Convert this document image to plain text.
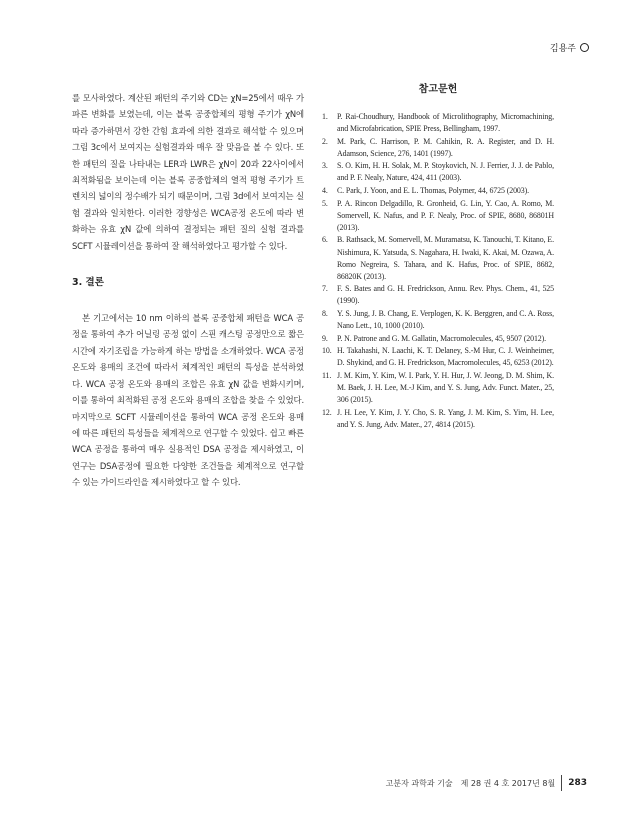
김용주

를 모사하였다. 계산된 패턴의 주기와 CD는 χN=25에서 때우 가파른 변화를 보였는데, 이는 블록 공중합체의 평형 주기가 χN에 따라 증가하면서 강한 간힘 효과에 의한 결과로 해석할 수 있으며 그림 3c에서 보여지는 실험결과와 매우 잘 맞음을 볼 수 있다. 또한 패턴의 질을 나타내는 LER과 LWR은 χN이 20과 22사이에서 최적화됨을 보이는데 이는 블록 공중합체의 열적 평형 주기가 트렌치의 넓이의 정수배가 되기 때문이며, 그림 3d에서 보여지는 실험 결과와 일치한다. 이러한 경향성은 WCA공정 온도에 따라 변화하는 유효 χN 값에 의하여 결정되는 패턴 질의 실험 결과를 SCFT 시뮬레이션을 통하여 잘 해석하였다고 평가할 수 있다.

3. 결론

본 기고에서는 10 nm 이하의 블록 공중합체 패턴을 WCA 공정을 통하여 추가 어닐링 공정 없이 스핀 캐스팅 공정만으로 짧은 시간에 자기조립을 가능하게 하는 방법을 소개하였다. WCA 공정 온도와 용매의 조건에 따라서 체계적인 패턴의 특성을 분석하였다. WCA 공정 온도와 용매의 조합은 유효 χN 값을 변화시키며, 이를 통하여 최적화된 공정 온도와 용매의 조합을 찾을 수 있었다. 마지막으로 SCFT 시뮬레이션을 통하여 WCA 공정 온도와 용매에 따른 패턴의 특성들을 체계적으로 연구할 수 있었다. 쉽고 빠른 WCA 공정을 통하여 매우 실용적인 DSA 공정을 제시하였고, 이 연구는 DSA공정에 필요한 다양한 조건들을 체계적으로 연구할 수 있는 가이드라인을 제시하였다고 할 수 있다.

참고문헌
1. P. Rai-Choudhury, Handbook of Microlithography, Micromachining, and Microfabrication, SPIE Press, Bellingham, 1997.
2. M. Park, C. Harrison, P. M. Cahikin, R. A. Register, and D. H. Adamson, Science, 276, 1401 (1997).
3. S. O. Kim, H. H. Solak, M. P. Stoykovich, N. J. Ferrier, J. J. de Pablo, and P. F. Nealy, Nature, 424, 411 (2003).
4. C. Park, J. Yoon, and E. L. Thomas, Polymer, 44, 6725 (2003).
5. P. A. Rincon Delgadillo, R. Gronheid, G. Lin, Y. Cao, A. Romo, M. Somervell, K. Nafus, and P. F. Nealy, Proc. of SPIE, 8680, 86801H (2013).
6. B. Rathsack, M. Somervell, M. Muramatsu, K. Tanouchi, T. Kitano, E. Nishimura, K. Yatsuda, S. Nagahara, H. Iwaki, K. Akai, M. Ozawa, A. Romo Negreira, S. Tahara, and K. Hafus, Proc. of SPIE, 8682, 86820K (2013).
7. F. S. Bates and G. H. Fredrickson, Annu. Rev. Phys. Chem., 41, 525 (1990).
8. Y. S. Jung, J. B. Chang, E. Verplogen, K. K. Berggren, and C. A. Ross, Nano Lett., 10, 1000 (2010).
9. P. N. Patrone and G. M. Gallatin, Macromolecules, 45, 9507 (2012).
10. H. Takahashi, N. Laachi, K. T. Delaney, S.-M Hur, C. J. Weinheimer, D. Shykind, and G. H. Fredrickson, Macromolecules, 45, 6253 (2012).
11. J. M. Kim, Y. Kim, W. I. Park, Y. H. Hur, J. W. Jeong, D. M. Shim, K. M. Baek, J. H. Lee, M.-J Kim, and Y. S. Jung, Adv. Funct. Mater., 25, 306 (2015).
12. J. H. Lee, Y. Kim, J. Y. Cho, S. R. Yang, J. M. Kim, S. Yim, H. Lee, and Y. S. Jung, Adv. Mater., 27, 4814 (2015).
고분자 과학과 기술 제 28 권 4 호 2017년 8월 283
